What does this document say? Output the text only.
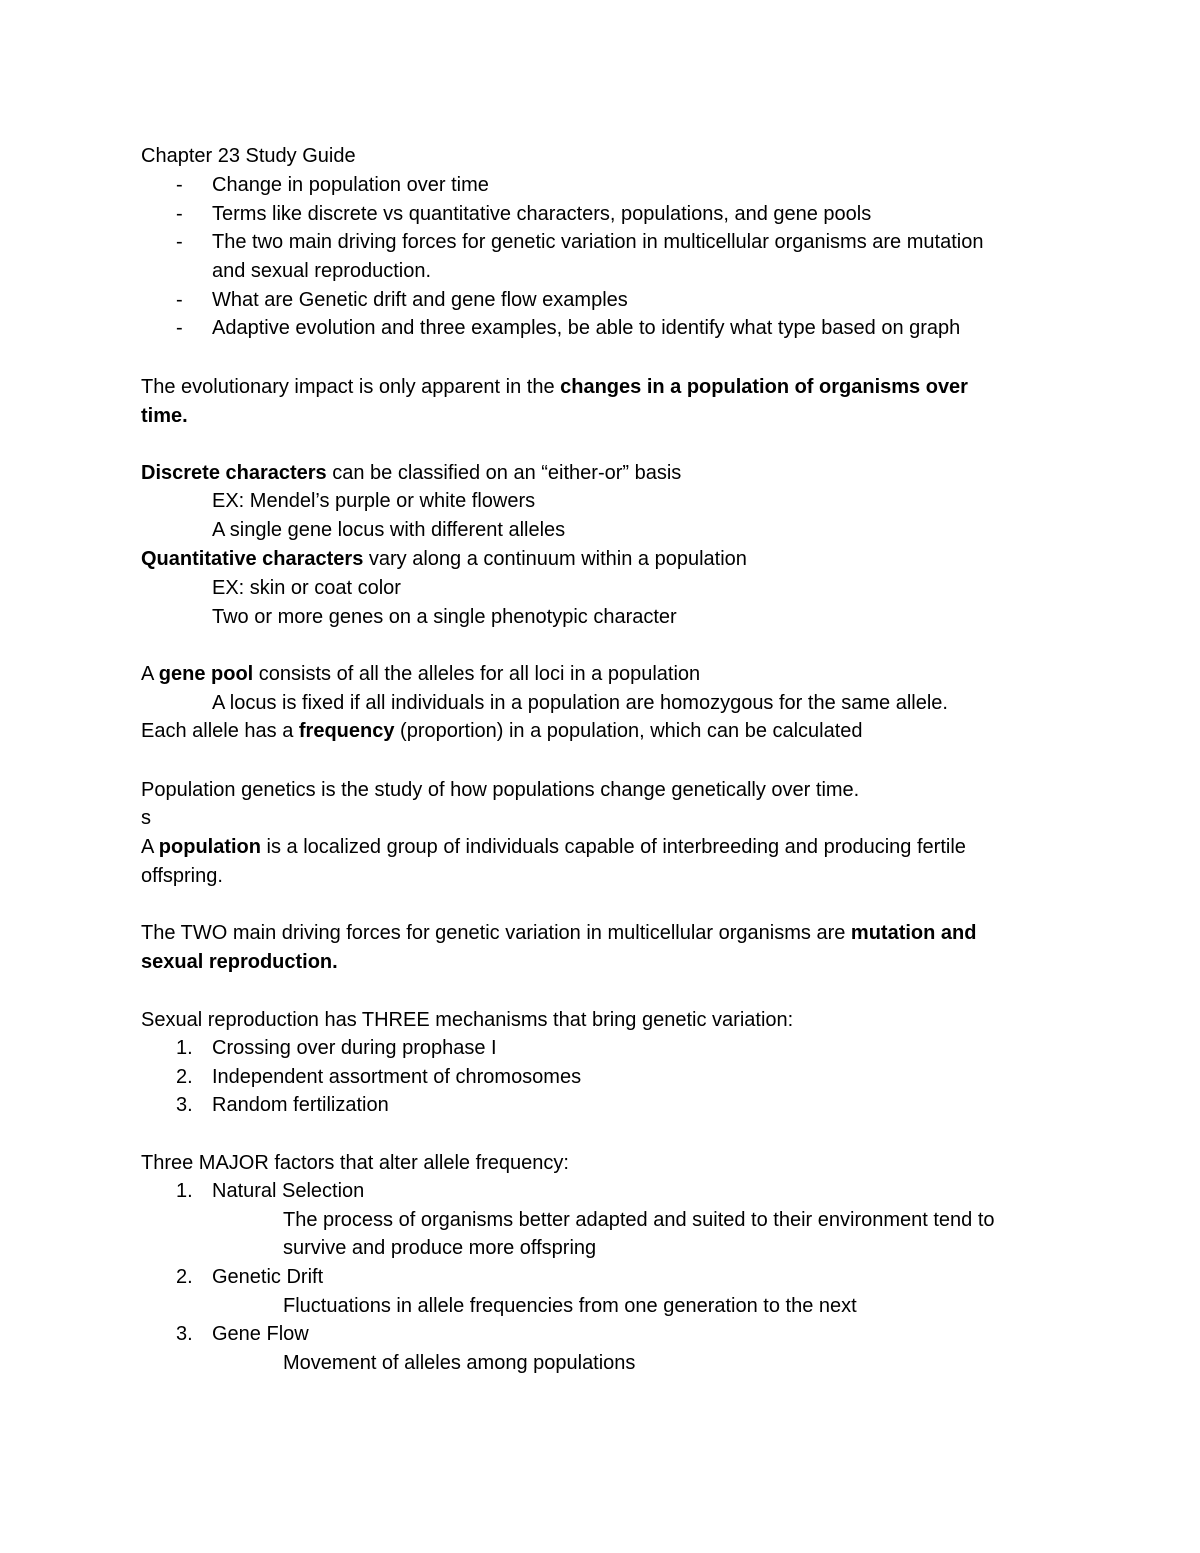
Chapter 23 Study Guide
- Change in population over time
- Terms like discrete vs quantitative characters, populations, and gene pools
- The two main driving forces for genetic variation in multicellular organisms are mutation
and sexual reproduction.
- What are Genetic drift and gene flow examples
- Adaptive evolution and three examples, be able to identify what type based on graph
The evolutionary impact is only apparent in the changes in a population of organisms over
time.
Discrete characters can be classified on an “either-or” basis
EX: Mendel’s purple or white flowers
A single gene locus with different alleles
Quantitative characters vary along a continuum within a population
EX: skin or coat color
Two or more genes on a single phenotypic character
A gene pool consists of all the alleles for all loci in a population
A locus is fixed if all individuals in a population are homozygous for the same allele.
Each allele has a frequency (proportion) in a population, which can be calculated
Population genetics is the study of how populations change genetically over time.
s
A population is a localized group of individuals capable of interbreeding and producing fertile
offspring.
The TWO main driving forces for genetic variation in multicellular organisms are mutation and
sexual reproduction.
Sexual reproduction has THREE mechanisms that bring genetic variation:
1. Crossing over during prophase I
2. Independent assortment of chromosomes
3. Random fertilization
Three MAJOR factors that alter allele frequency:
1. Natural Selection
The process of organisms better adapted and suited to their environment tend to
survive and produce more offspring
2. Genetic Drift
Fluctuations in allele frequencies from one generation to the next
3. Gene Flow
Movement of alleles among populations
